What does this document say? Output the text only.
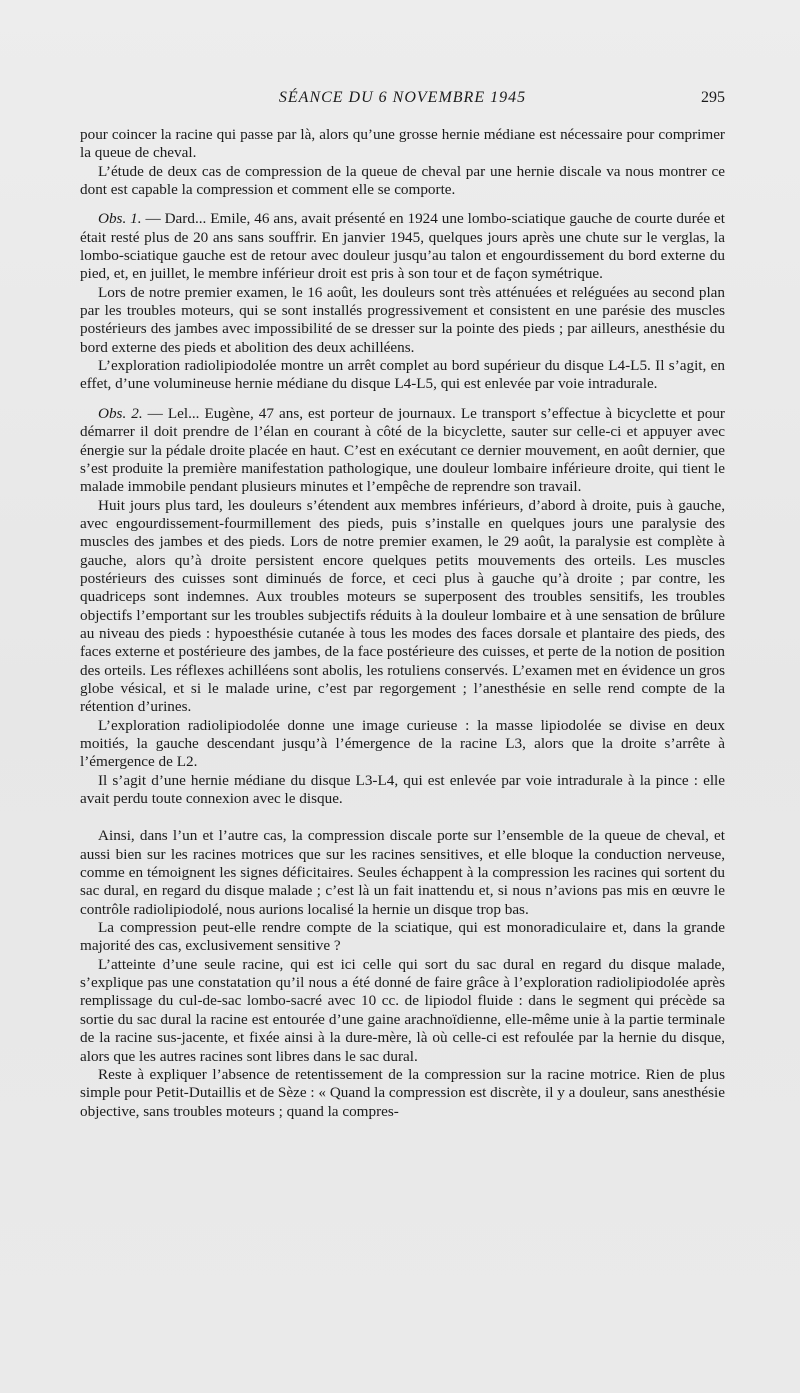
SÉANCE DU 6 NOVEMBRE 1945	295

pour coincer la racine qui passe par là, alors qu’une grosse hernie médiane est nécessaire pour comprimer la queue de cheval.

L’étude de deux cas de compression de la queue de cheval par une hernie discale va nous montrer ce dont est capable la compression et comment elle se comporte.

Obs. 1. — Dard... Emile, 46 ans, avait présenté en 1924 une lombo-sciatique gauche de courte durée et était resté plus de 20 ans sans souffrir. En janvier 1945, quelques jours après une chute sur le verglas, la lombo-sciatique gauche est de retour avec douleur jusqu’au talon et engourdissement du bord externe du pied, et, en juillet, le membre inférieur droit est pris à son tour et de façon symétrique.

Lors de notre premier examen, le 16 août, les douleurs sont très atténuées et reléguées au second plan par les troubles moteurs, qui se sont installés progressivement et consistent en une parésie des muscles postérieurs des jambes avec impossibilité de se dresser sur la pointe des pieds ; par ailleurs, anesthésie du bord externe des pieds et abolition des deux achilléens.

L’exploration radiolipiodolée montre un arrêt complet au bord supérieur du disque L4-L5. Il s’agit, en effet, d’une volumineuse hernie médiane du disque L4-L5, qui est enlevée par voie intradurale.

Obs. 2. — Lel... Eugène, 47 ans, est porteur de journaux. Le transport s’effectue à bicyclette et pour démarrer il doit prendre de l’élan en courant à côté de la bicyclette, sauter sur celle-ci et appuyer avec énergie sur la pédale droite placée en haut. C’est en exécutant ce dernier mouvement, en août dernier, que s’est produite la première manifestation pathologique, une douleur lombaire inférieure droite, qui tient le malade immobile pendant plusieurs minutes et l’empêche de reprendre son travail.

Huit jours plus tard, les douleurs s’étendent aux membres inférieurs, d’abord à droite, puis à gauche, avec engourdissement-fourmillement des pieds, puis s’installe en quelques jours une paralysie des muscles des jambes et des pieds. Lors de notre premier examen, le 29 août, la paralysie est complète à gauche, alors qu’à droite persistent encore quelques petits mouvements des orteils. Les muscles postérieurs des cuisses sont diminués de force, et ceci plus à gauche qu’à droite ; par contre, les quadriceps sont indemnes. Aux troubles moteurs se superposent des troubles sensitifs, les troubles objectifs l’emportant sur les troubles subjectifs réduits à la douleur lombaire et à une sensation de brûlure au niveau des pieds : hypoesthésie cutanée à tous les modes des faces dorsale et plantaire des pieds, des faces externe et postérieure des jambes, de la face postérieure des cuisses, et perte de la notion de position des orteils. Les réflexes achilléens sont abolis, les rotuliens conservés. L’examen met en évidence un gros globe vésical, et si le malade urine, c’est par regorgement ; l’anesthésie en selle rend compte de la rétention d’urines.

L’exploration radiolipiodolée donne une image curieuse : la masse lipiodolée se divise en deux moitiés, la gauche descendant jusqu’à l’émergence de la racine L3, alors que la droite s’arrête à l’émergence de L2.

Il s’agit d’une hernie médiane du disque L3-L4, qui est enlevée par voie intradurale à la pince : elle avait perdu toute connexion avec le disque.

Ainsi, dans l’un et l’autre cas, la compression discale porte sur l’ensemble de la queue de cheval, et aussi bien sur les racines motrices que sur les racines sensitives, et elle bloque la conduction nerveuse, comme en témoignent les signes déficitaires. Seules échappent à la compression les racines qui sortent du sac dural, en regard du disque malade ; c’est là un fait inattendu et, si nous n’avions pas mis en œuvre le contrôle radiolipiodolé, nous aurions localisé la hernie un disque trop bas.

La compression peut-elle rendre compte de la sciatique, qui est monoradiculaire et, dans la grande majorité des cas, exclusivement sensitive ?

L’atteinte d’une seule racine, qui est ici celle qui sort du sac dural en regard du disque malade, s’explique pas une constatation qu’il nous a été donné de faire grâce à l’exploration radiolipiodolée après remplissage du cul-de-sac lombo-sacré avec 10 cc. de lipiodol fluide : dans le segment qui précède sa sortie du sac dural la racine est entourée d’une gaine arachnoïdienne, elle-même unie à la partie terminale de la racine sus-jacente, et fixée ainsi à la dure-mère, là où celle-ci est refoulée par la hernie du disque, alors que les autres racines sont libres dans le sac dural.

Reste à expliquer l’absence de retentissement de la compression sur la racine motrice. Rien de plus simple pour Petit-Dutaillis et de Sèze : « Quand la compression est discrète, il y a douleur, sans anesthésie objective, sans troubles moteurs ; quand la compres-
